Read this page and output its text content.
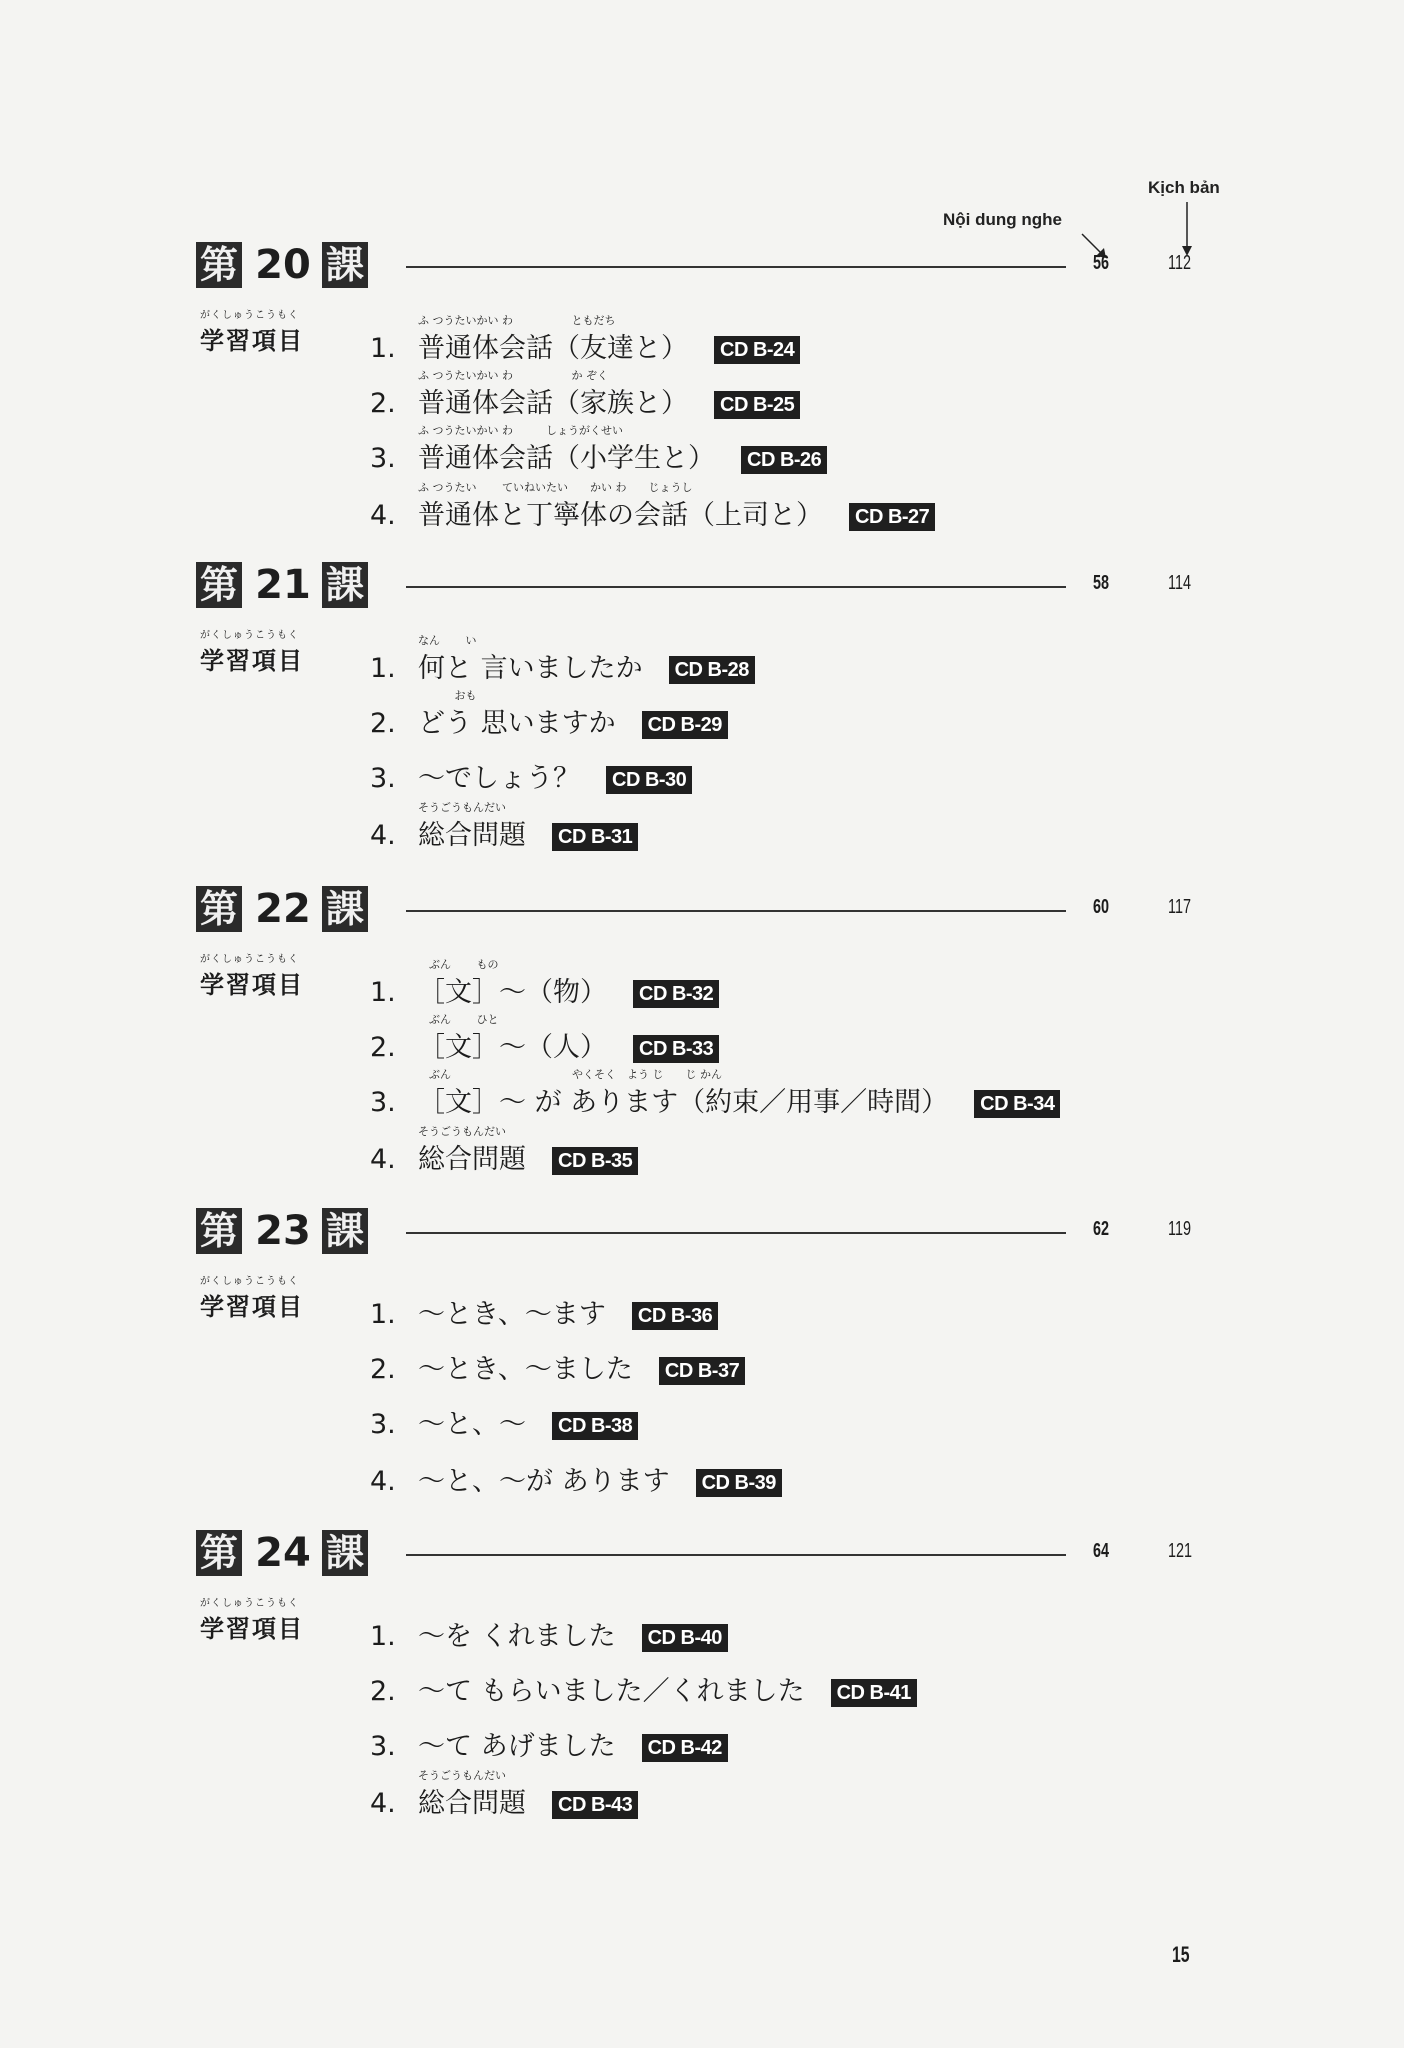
Kịch bản
Nội dung nghe
第 20 課	56	112
がくしゅうこうもく
学習項目
ふ つうたいかい わ　　　　　 ともだち
1. 普通体会話（友達と） CD B-24
ふ つうたいかい わ　　　　　 か ぞく
2. 普通体会話（家族と） CD B-25
ふ つうたいかい わ　　　しょうがくせい
3. 普通体会話（小学生と） CD B-26
ふ つうたい　　 ていねいたい　　かい わ　　じょうし
4. 普通体と丁寧体の会話（上司と） CD B-27
第 21 課	58	114
がくしゅうこうもく
学習項目
なん　　 い
1. 何と 言いましたか CD B-28
　　　 おも
2. どう 思いますか CD B-29
3. ～でしょう？ CD B-30
そうごうもんだい
4. 総合問題 CD B-31
第 22 課	60	117
がくしゅうこうもく
学習項目
　ぶん　　 もの
1. ［文］～（物） CD B-32
　ぶん　　 ひと
2. ［文］～（人） CD B-33
　ぶん　　　　　　　　　　　やくそく　よう じ　　じ かん
3. ［文］～ が あります（約束／用事／時間） CD B-34
そうごうもんだい
4. 総合問題 CD B-35
第 23 課	62	119
がくしゅうこうもく
学習項目 1. ～とき、～ます CD B-36
2. ～とき、～ました CD B-37
3. ～と、～ CD B-38
4. ～と、～が あります CD B-39
第 24 課	64	121
がくしゅうこうもく
学習項目 1. ～を くれました CD B-40
2. ～て もらいました／くれました CD B-41
3. ～て あげました CD B-42
そうごうもんだい
4. 総合問題 CD B-43
15
